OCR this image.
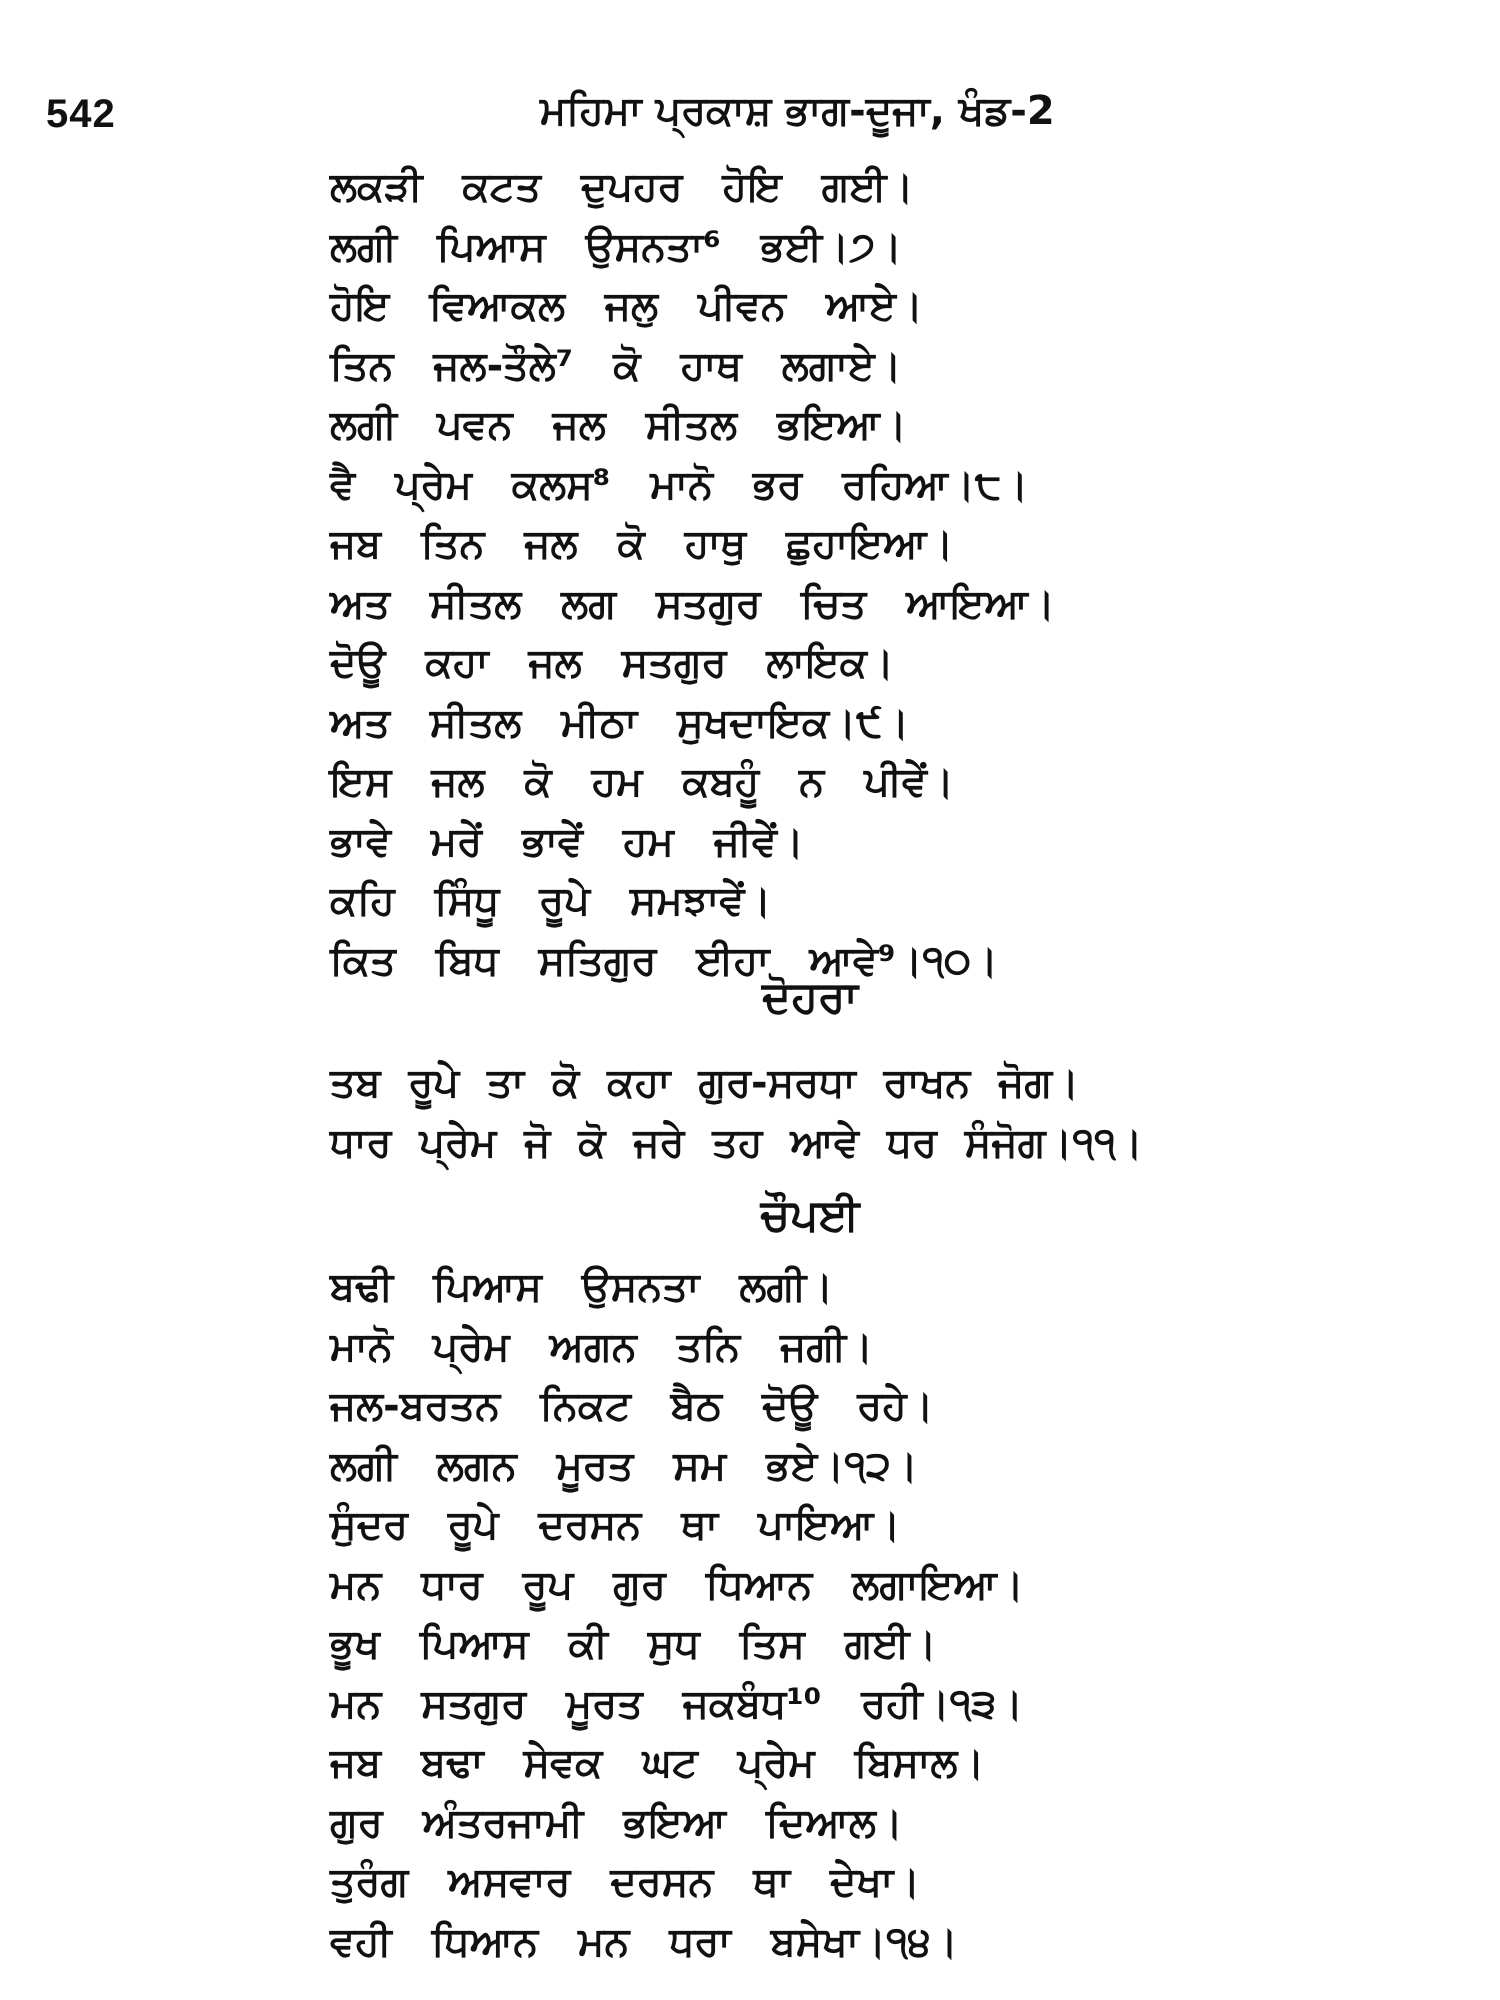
542	ਮਹਿਮਾ ਪ੍ਰਕਾਸ਼ ਭਾਗ-ਦੂਜਾ, ਖੰਡ-2
ਲਕੜੀ ਕਟਤ ਦੁਪਹਰ ਹੋਇ ਗਈ।
ਲਗੀ ਪਿਆਸ ਉਸਨਤਾ⁶ ਭਈ।੭।
ਹੋਇ ਵਿਆਕਲ ਜਲੁ ਪੀਵਨ ਆਏ।
ਤਿਨ ਜਲ-ਤੌਲੇ⁷ ਕੋ ਹਾਥ ਲਗਾਏ।
ਲਗੀ ਪਵਨ ਜਲ ਸੀਤਲ ਭਇਆ।
ਵੈ ਪ੍ਰੇਮ ਕਲਸ⁸ ਮਾਨੋ ਭਰ ਰਹਿਆ।੮।
ਜਬ ਤਿਨ ਜਲ ਕੋ ਹਾਥੁ ਛੁਹਾਇਆ।
ਅਤ ਸੀਤਲ ਲਗ ਸਤਗੁਰ ਚਿਤ ਆਇਆ।
ਦੋਊ ਕਹਾ ਜਲ ਸਤਗੁਰ ਲਾਇਕ।
ਅਤ ਸੀਤਲ ਮੀਠਾ ਸੁਖਦਾਇਕ।੯।
ਇਸ ਜਲ ਕੋ ਹਮ ਕਬਹੂੰ ਨ ਪੀਵੇਂ।
ਭਾਵੇ ਮਰੇਂ ਭਾਵੇਂ ਹਮ ਜੀਵੇਂ।
ਕਹਿ ਸਿੰਧੂ ਰੂਪੇ ਸਮਝਾਵੇਂ।
ਕਿਤ ਬਿਧ ਸਤਿਗੁਰ ਈਹਾ ਆਵੇ⁹।੧੦।
ਦੋਹਰਾ
ਤਬ ਰੂਪੇ ਤਾ ਕੋ ਕਹਾ ਗੁਰ-ਸਰਧਾ ਰਾਖਨ ਜੋਗ।
ਧਾਰ ਪ੍ਰੇਮ ਜੋ ਕੋ ਜਰੇ ਤਹ ਆਵੇ ਧਰ ਸੰਜੋਗ।੧੧।
ਚੌਪਈ
ਬਢੀ ਪਿਆਸ ਉਸਨਤਾ ਲਗੀ।
ਮਾਨੋ ਪ੍ਰੇਮ ਅਗਨ ਤਨਿ ਜਗੀ।
ਜਲ-ਬਰਤਨ ਨਿਕਟ ਬੈਠ ਦੋਊ ਰਹੇ।
ਲਗੀ ਲਗਨ ਮੂਰਤ ਸਮ ਭਏ।੧੨।
ਸੁੰਦਰ ਰੂਪੇ ਦਰਸਨ ਥਾ ਪਾਇਆ।
ਮਨ ਧਾਰ ਰੂਪ ਗੁਰ ਧਿਆਨ ਲਗਾਇਆ।
ਭੂਖ ਪਿਆਸ ਕੀ ਸੁਧ ਤਿਸ ਗਈ।
ਮਨ ਸਤਗੁਰ ਮੂਰਤ ਜਕਬੰਧ¹⁰ ਰਹੀ।੧੩।
ਜਬ ਬਢਾ ਸੇਵਕ ਘਟ ਪ੍ਰੇਮ ਬਿਸਾਲ।
ਗੁਰ ਅੰਤਰਜਾਮੀ ਭਇਆ ਦਿਆਲ।
ਤੁਰੰਗ ਅਸਵਾਰ ਦਰਸਨ ਥਾ ਦੇਖਾ।
ਵਹੀ ਧਿਆਨ ਮਨ ਧਰਾ ਬਸੇਖਾ।੧੪।
